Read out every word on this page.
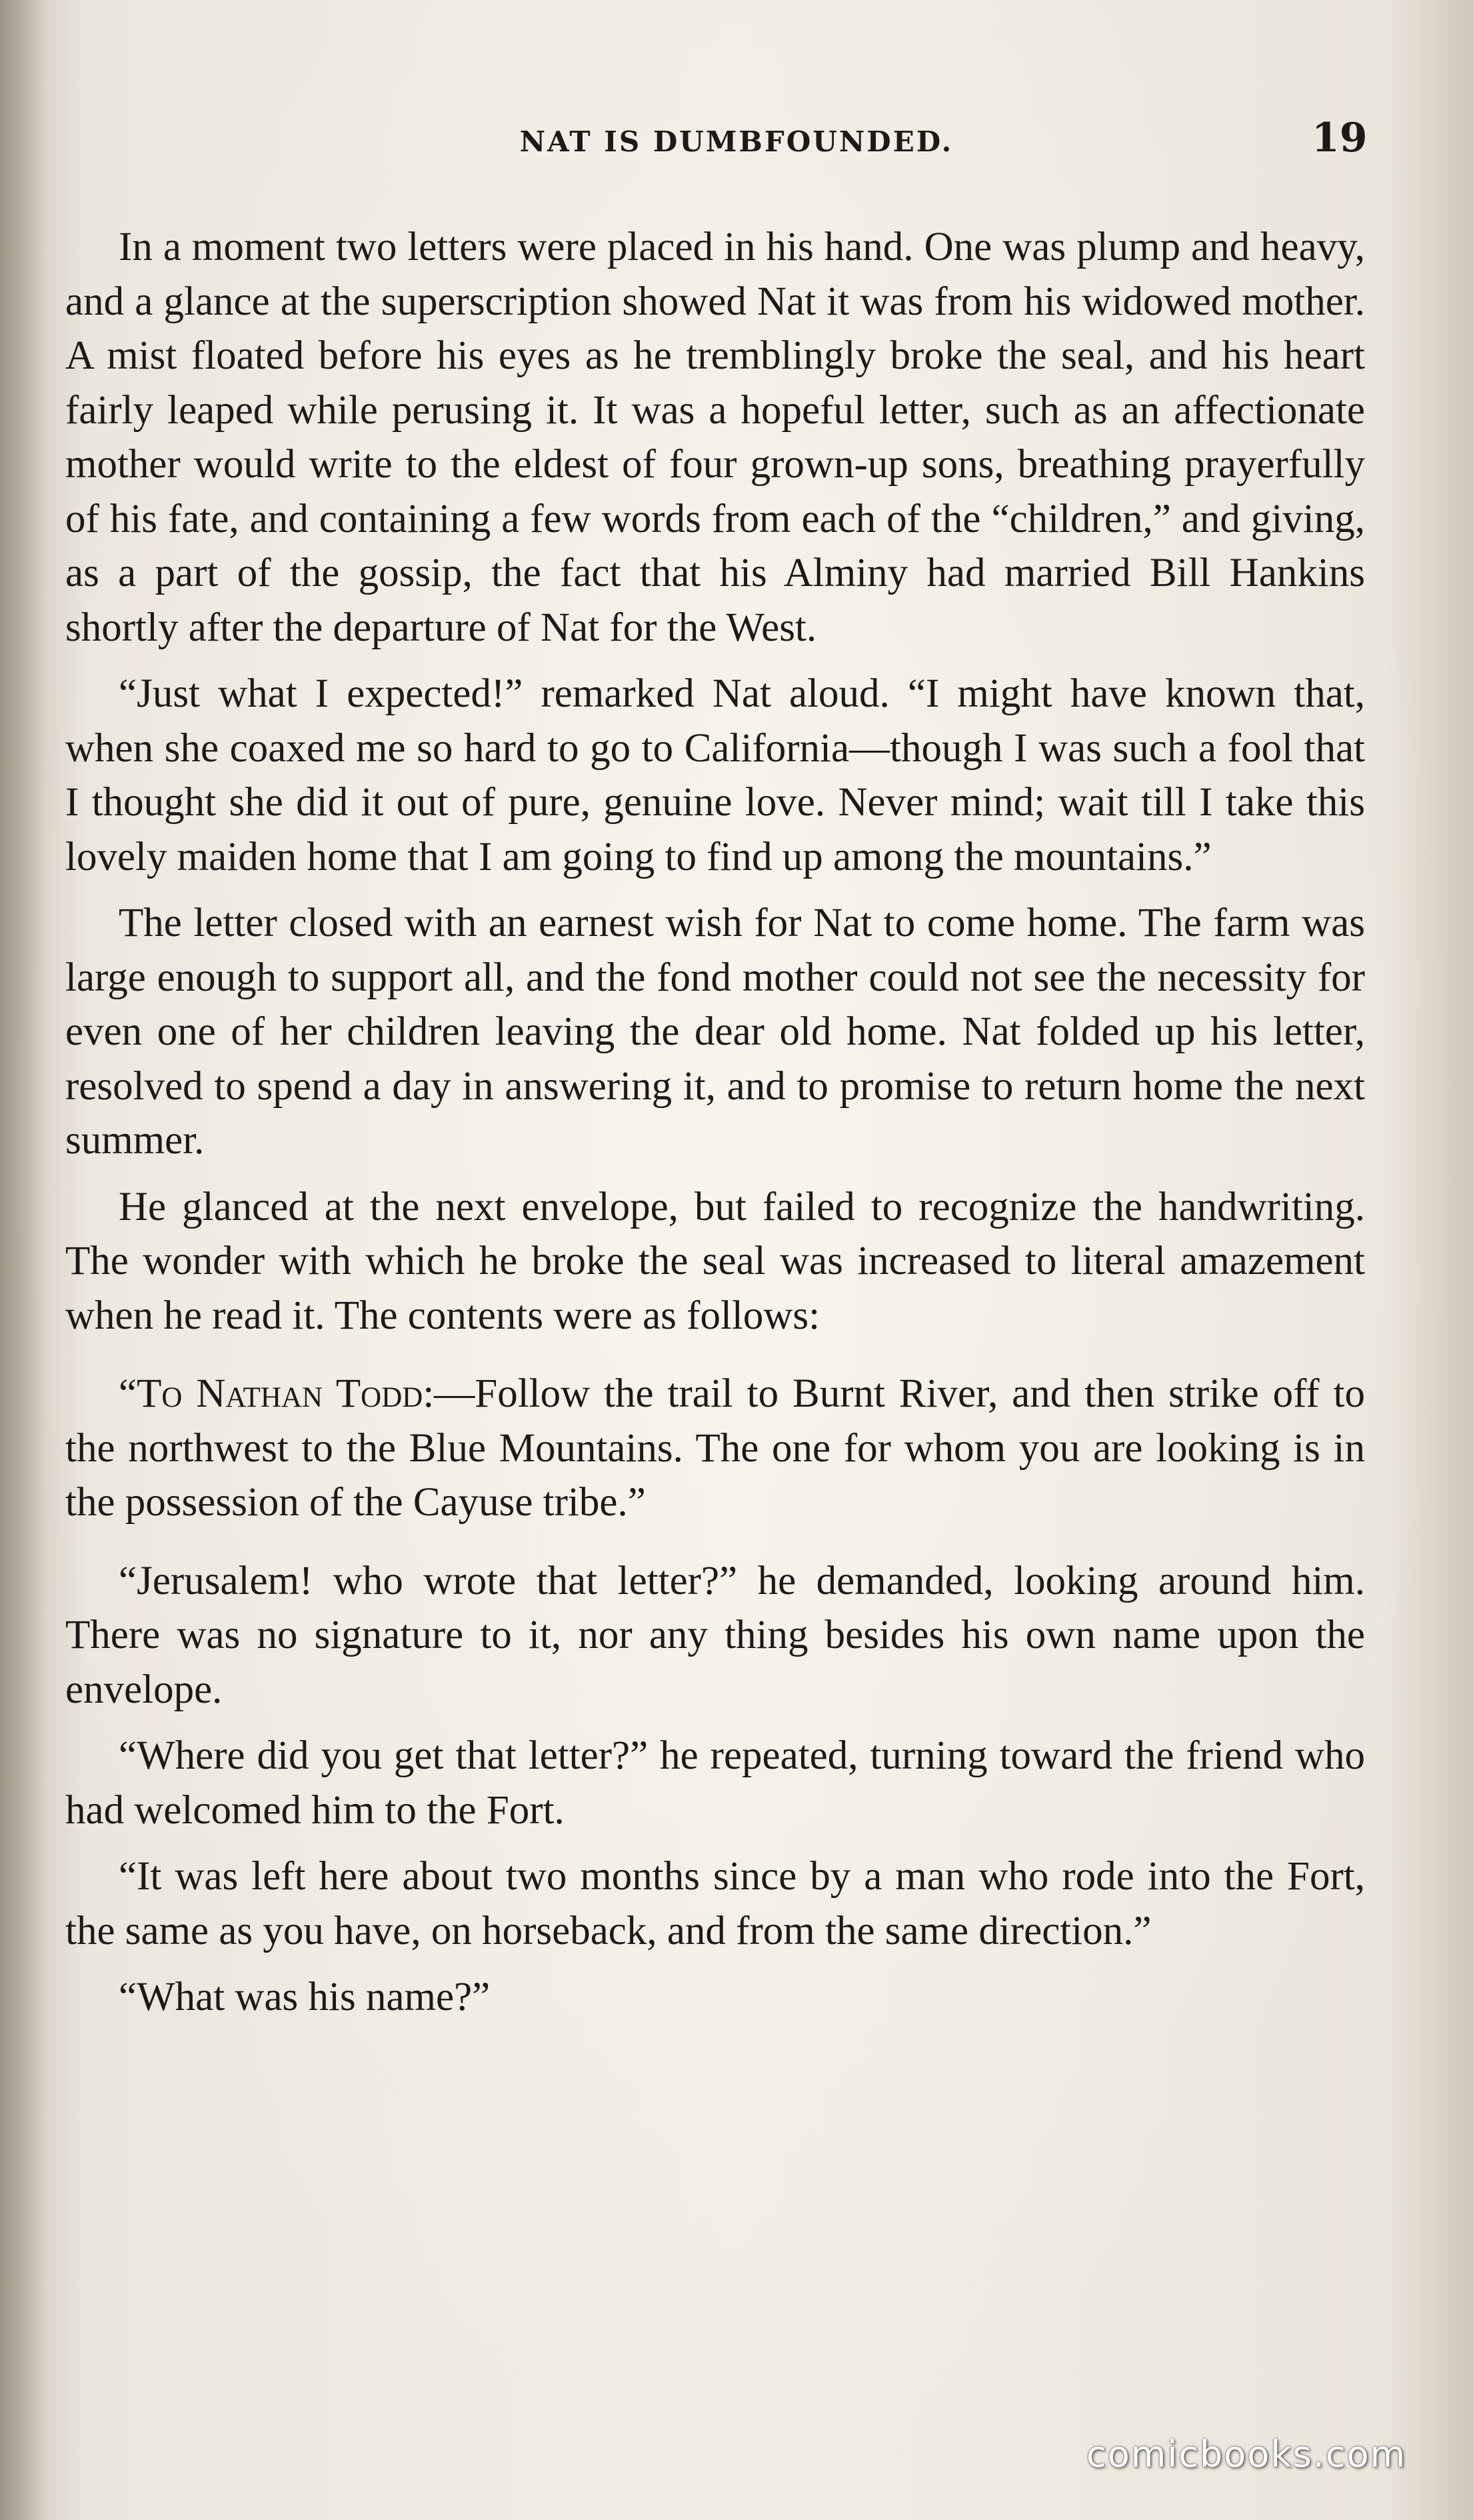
NAT IS DUMBFOUNDED.	19

In a moment two letters were placed in his hand. One was plump and heavy, and a glance at the superscription showed Nat it was from his widowed mother. A mist floated before his eyes as he tremblingly broke the seal, and his heart fairly leaped while perusing it. It was a hopeful letter, such as an affectionate mother would write to the eldest of four grown-up sons, breathing prayerfully of his fate, and containing a few words from each of the “children,” and giving, as a part of the gossip, the fact that his Alminy had married Bill Hankins shortly after the departure of Nat for the West.

“Just what I expected!” remarked Nat aloud. “I might have known that, when she coaxed me so hard to go to California—though I was such a fool that I thought she did it out of pure, genuine love. Never mind; wait till I take this lovely maiden home that I am going to find up among the mountains.”

The letter closed with an earnest wish for Nat to come home. The farm was large enough to support all, and the fond mother could not see the necessity for even one of her children leaving the dear old home. Nat folded up his letter, resolved to spend a day in answering it, and to promise to return home the next summer.

He glanced at the next envelope, but failed to recognize the handwriting. The wonder with which he broke the seal was increased to literal amazement when he read it. The contents were as follows:

“To Nathan Todd:—Follow the trail to Burnt River, and then strike off to the northwest to the Blue Mountains. The one for whom you are looking is in the possession of the Cayuse tribe.”

“Jerusalem! who wrote that letter?” he demanded, looking around him. There was no signature to it, nor any thing besides his own name upon the envelope.

“Where did you get that letter?” he repeated, turning toward the friend who had welcomed him to the Fort.

“It was left here about two months since by a man who rode into the Fort, the same as you have, on horseback, and from the same direction.”

“What was his name?”

comicbooks.com
